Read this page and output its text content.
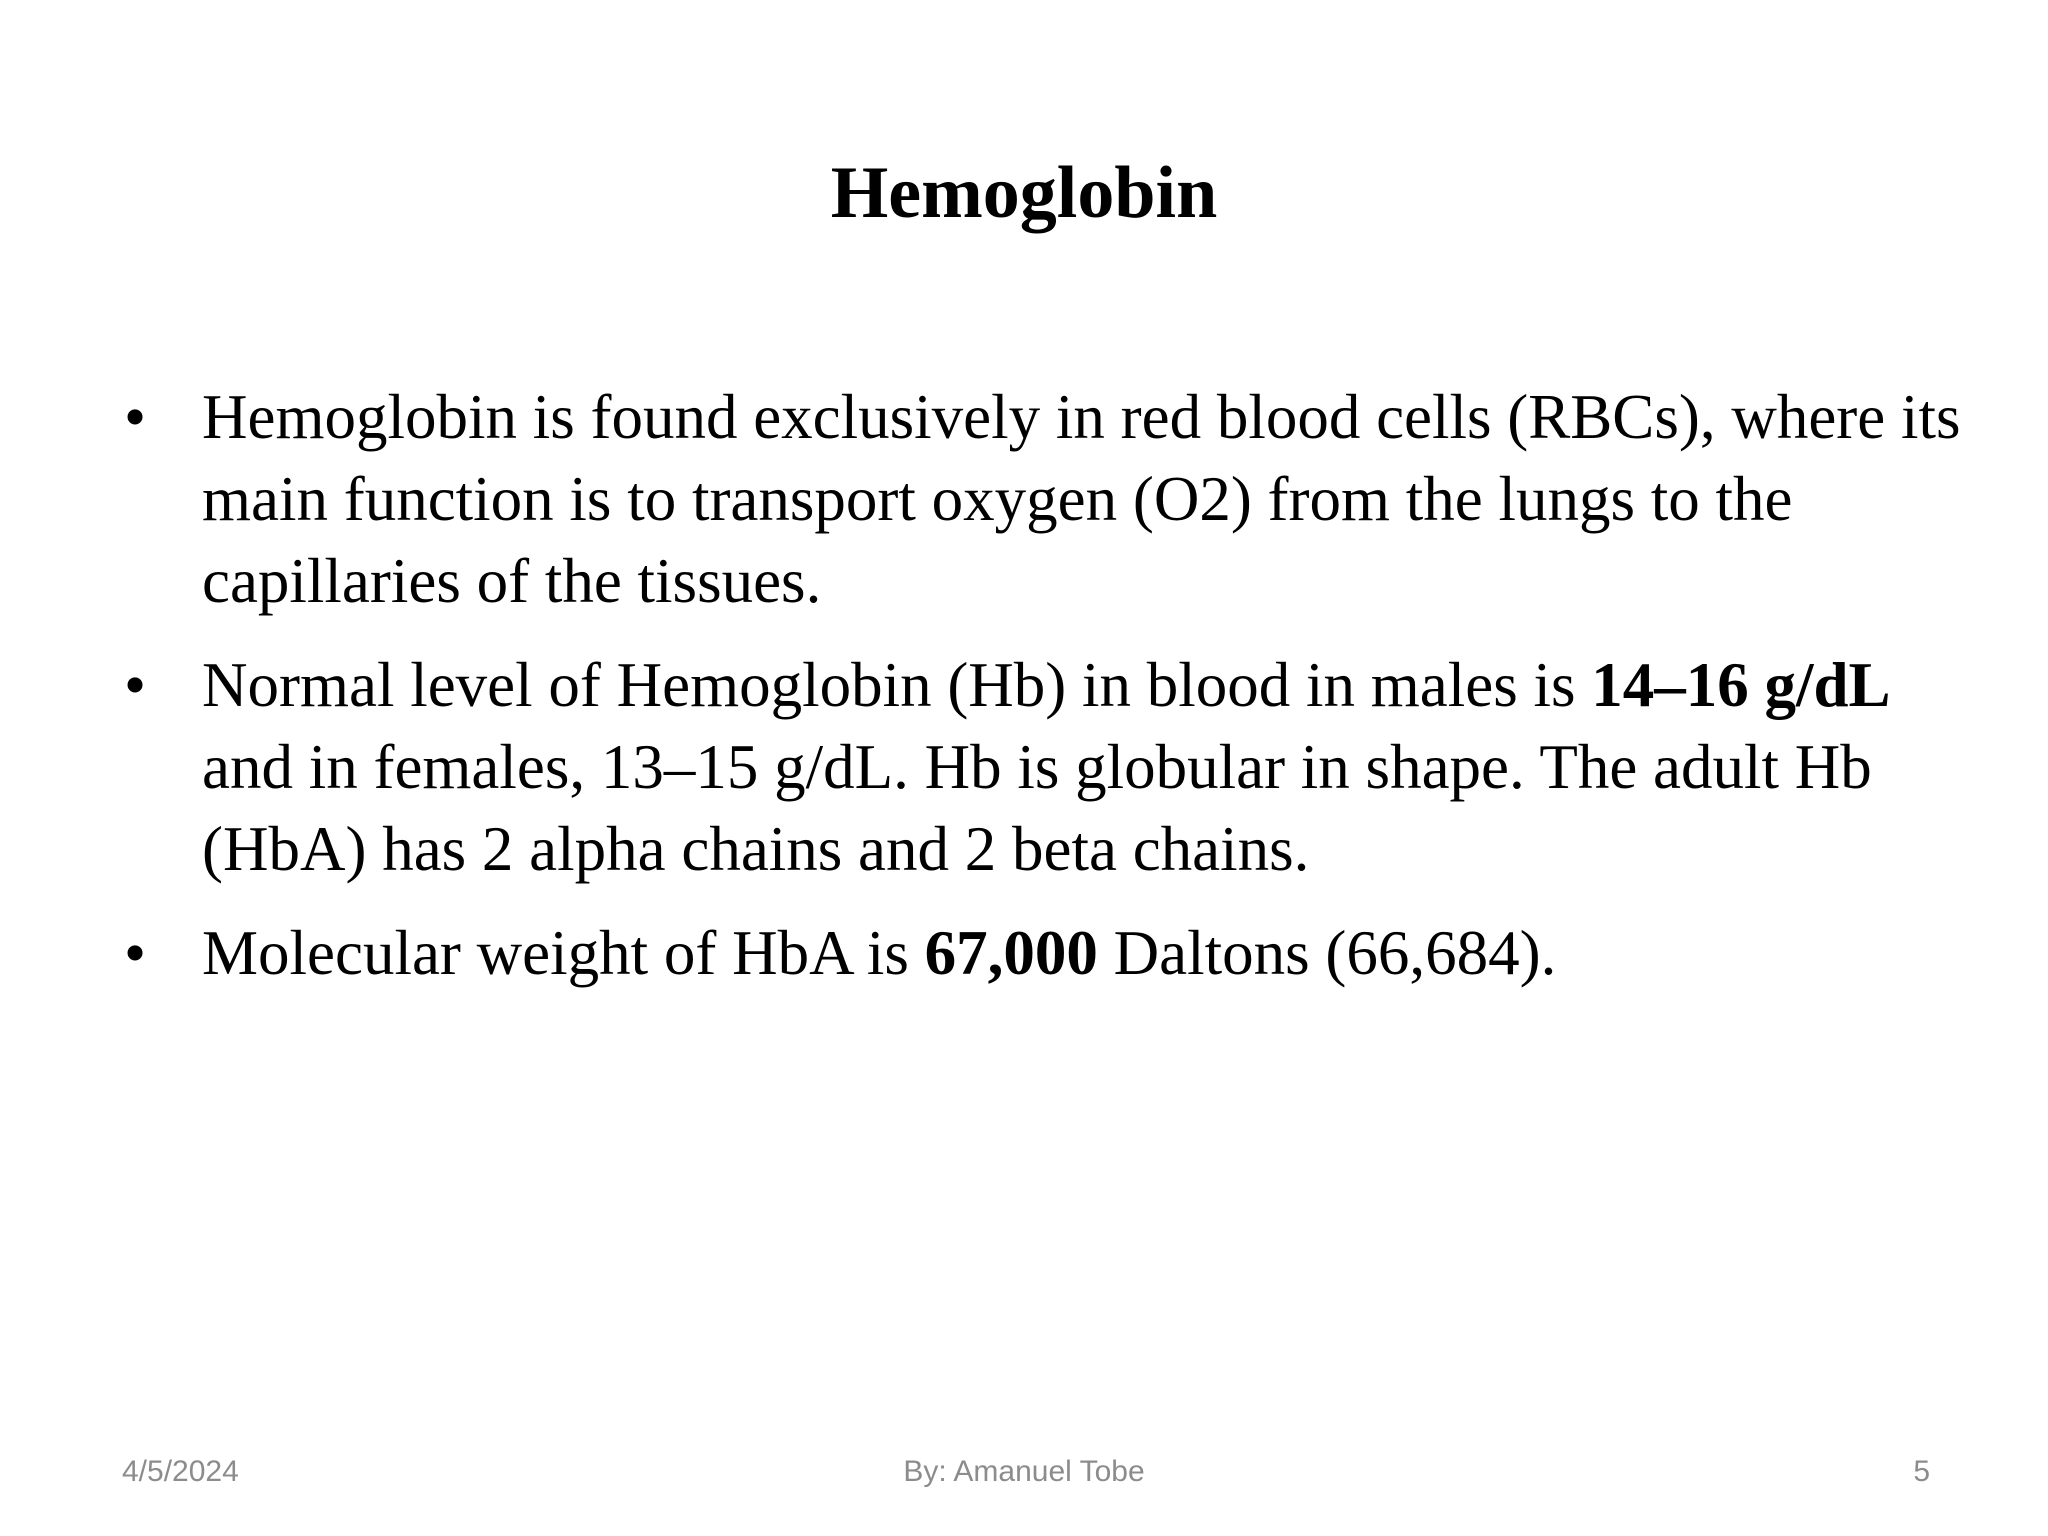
Hemoglobin
• Hemoglobin is found exclusively in red blood cells (RBCs), where its main function is to transport oxygen (O2) from the lungs to the capillaries of the tissues.
• Normal level of Hemoglobin (Hb) in blood in males is 14–16 g/dL and in females, 13–15 g/dL. Hb is globular in shape. The adult Hb (HbA) has 2 alpha chains and 2 beta chains.
• Molecular weight of HbA is 67,000 Daltons (66,684).
4/5/2024	By: Amanuel Tobe	5
